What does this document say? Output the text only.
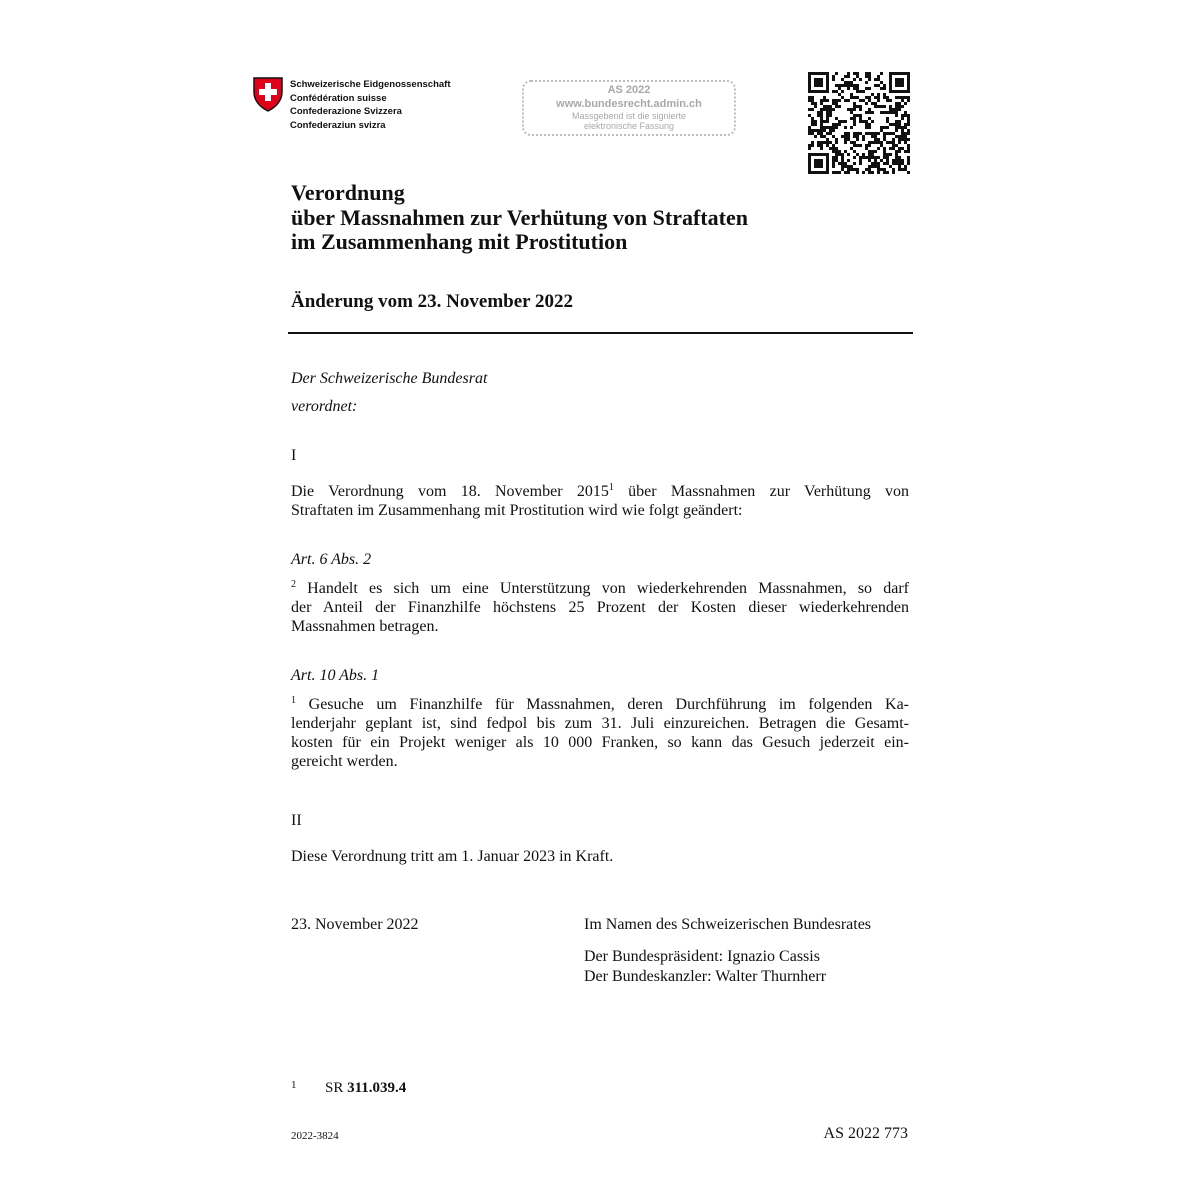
Schweizerische Eidgenossenschaft
Confédération suisse
Confederazione Svizzera
Confederaziun svizra
AS 2022
www.bundesrecht.admin.ch
Massgebend ist die signierte
elektronische Fassung
Verordnung
über Massnahmen zur Verhütung von Straftaten
im Zusammenhang mit Prostitution
Änderung vom 23. November 2022
Der Schweizerische Bundesrat
verordnet:
I
Die Verordnung vom 18. November 2015$^1$ über Massnahmen zur Verhütung von
Straftaten im Zusammenhang mit Prostitution wird wie folgt geändert:
Art. 6 Abs. 2
$^2$ Handelt es sich um eine Unterstützung von wiederkehrenden Massnahmen, so darf
der Anteil der Finanzhilfe höchstens 25 Prozent der Kosten dieser wiederkehrenden
Massnahmen betragen.
Art. 10 Abs. 1
$^1$ Gesuche um Finanzhilfe für Massnahmen, deren Durchführung im folgenden Ka-
lenderjahr geplant ist, sind fedpol bis zum 31. Juli einzureichen. Betragen die Gesamt-
kosten für ein Projekt weniger als 10 000 Franken, so kann das Gesuch jederzeit ein-
gereicht werden.
II
Diese Verordnung tritt am 1. Januar 2023 in Kraft.
23. November 2022	Im Namen des Schweizerischen Bundesrates
Der Bundespräsident: Ignazio Cassis
Der Bundeskanzler: Walter Thurnherr
1 SR 311.039.4
2022-3824	AS 2022 773
